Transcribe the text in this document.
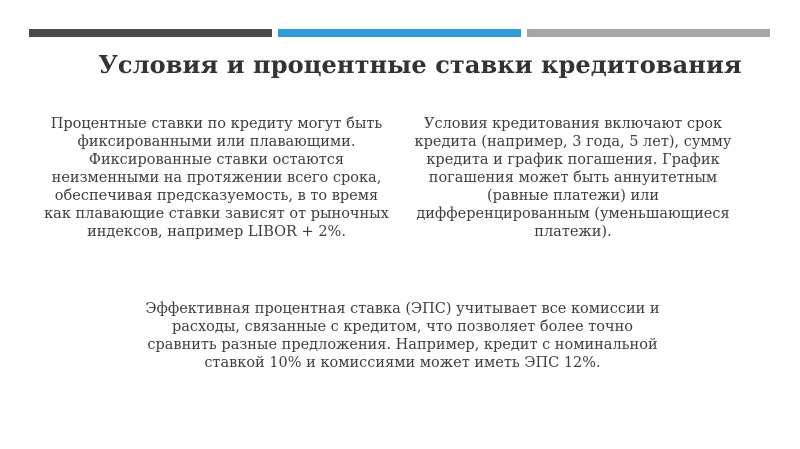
Условия и процентные ставки кредитования
Процентные ставки по кредиту могут быть фиксированными или плавающими. Фиксированные ставки остаются неизменными на протяжении всего срока, обеспечивая предсказуемость, в то время как плавающие ставки зависят от рыночных индексов, например LIBOR + 2%.
Условия кредитования включают срок кредита (например, 3 года, 5 лет), сумму кредита и график погашения. График погашения может быть аннуитетным (равные платежи) или дифференцированным (уменьшающиеся платежи).
Эффективная процентная ставка (ЭПС) учитывает все комиссии и расходы, связанные с кредитом, что позволяет более точно сравнить разные предложения. Например, кредит с номинальной ставкой 10% и комиссиями может иметь ЭПС 12%.
